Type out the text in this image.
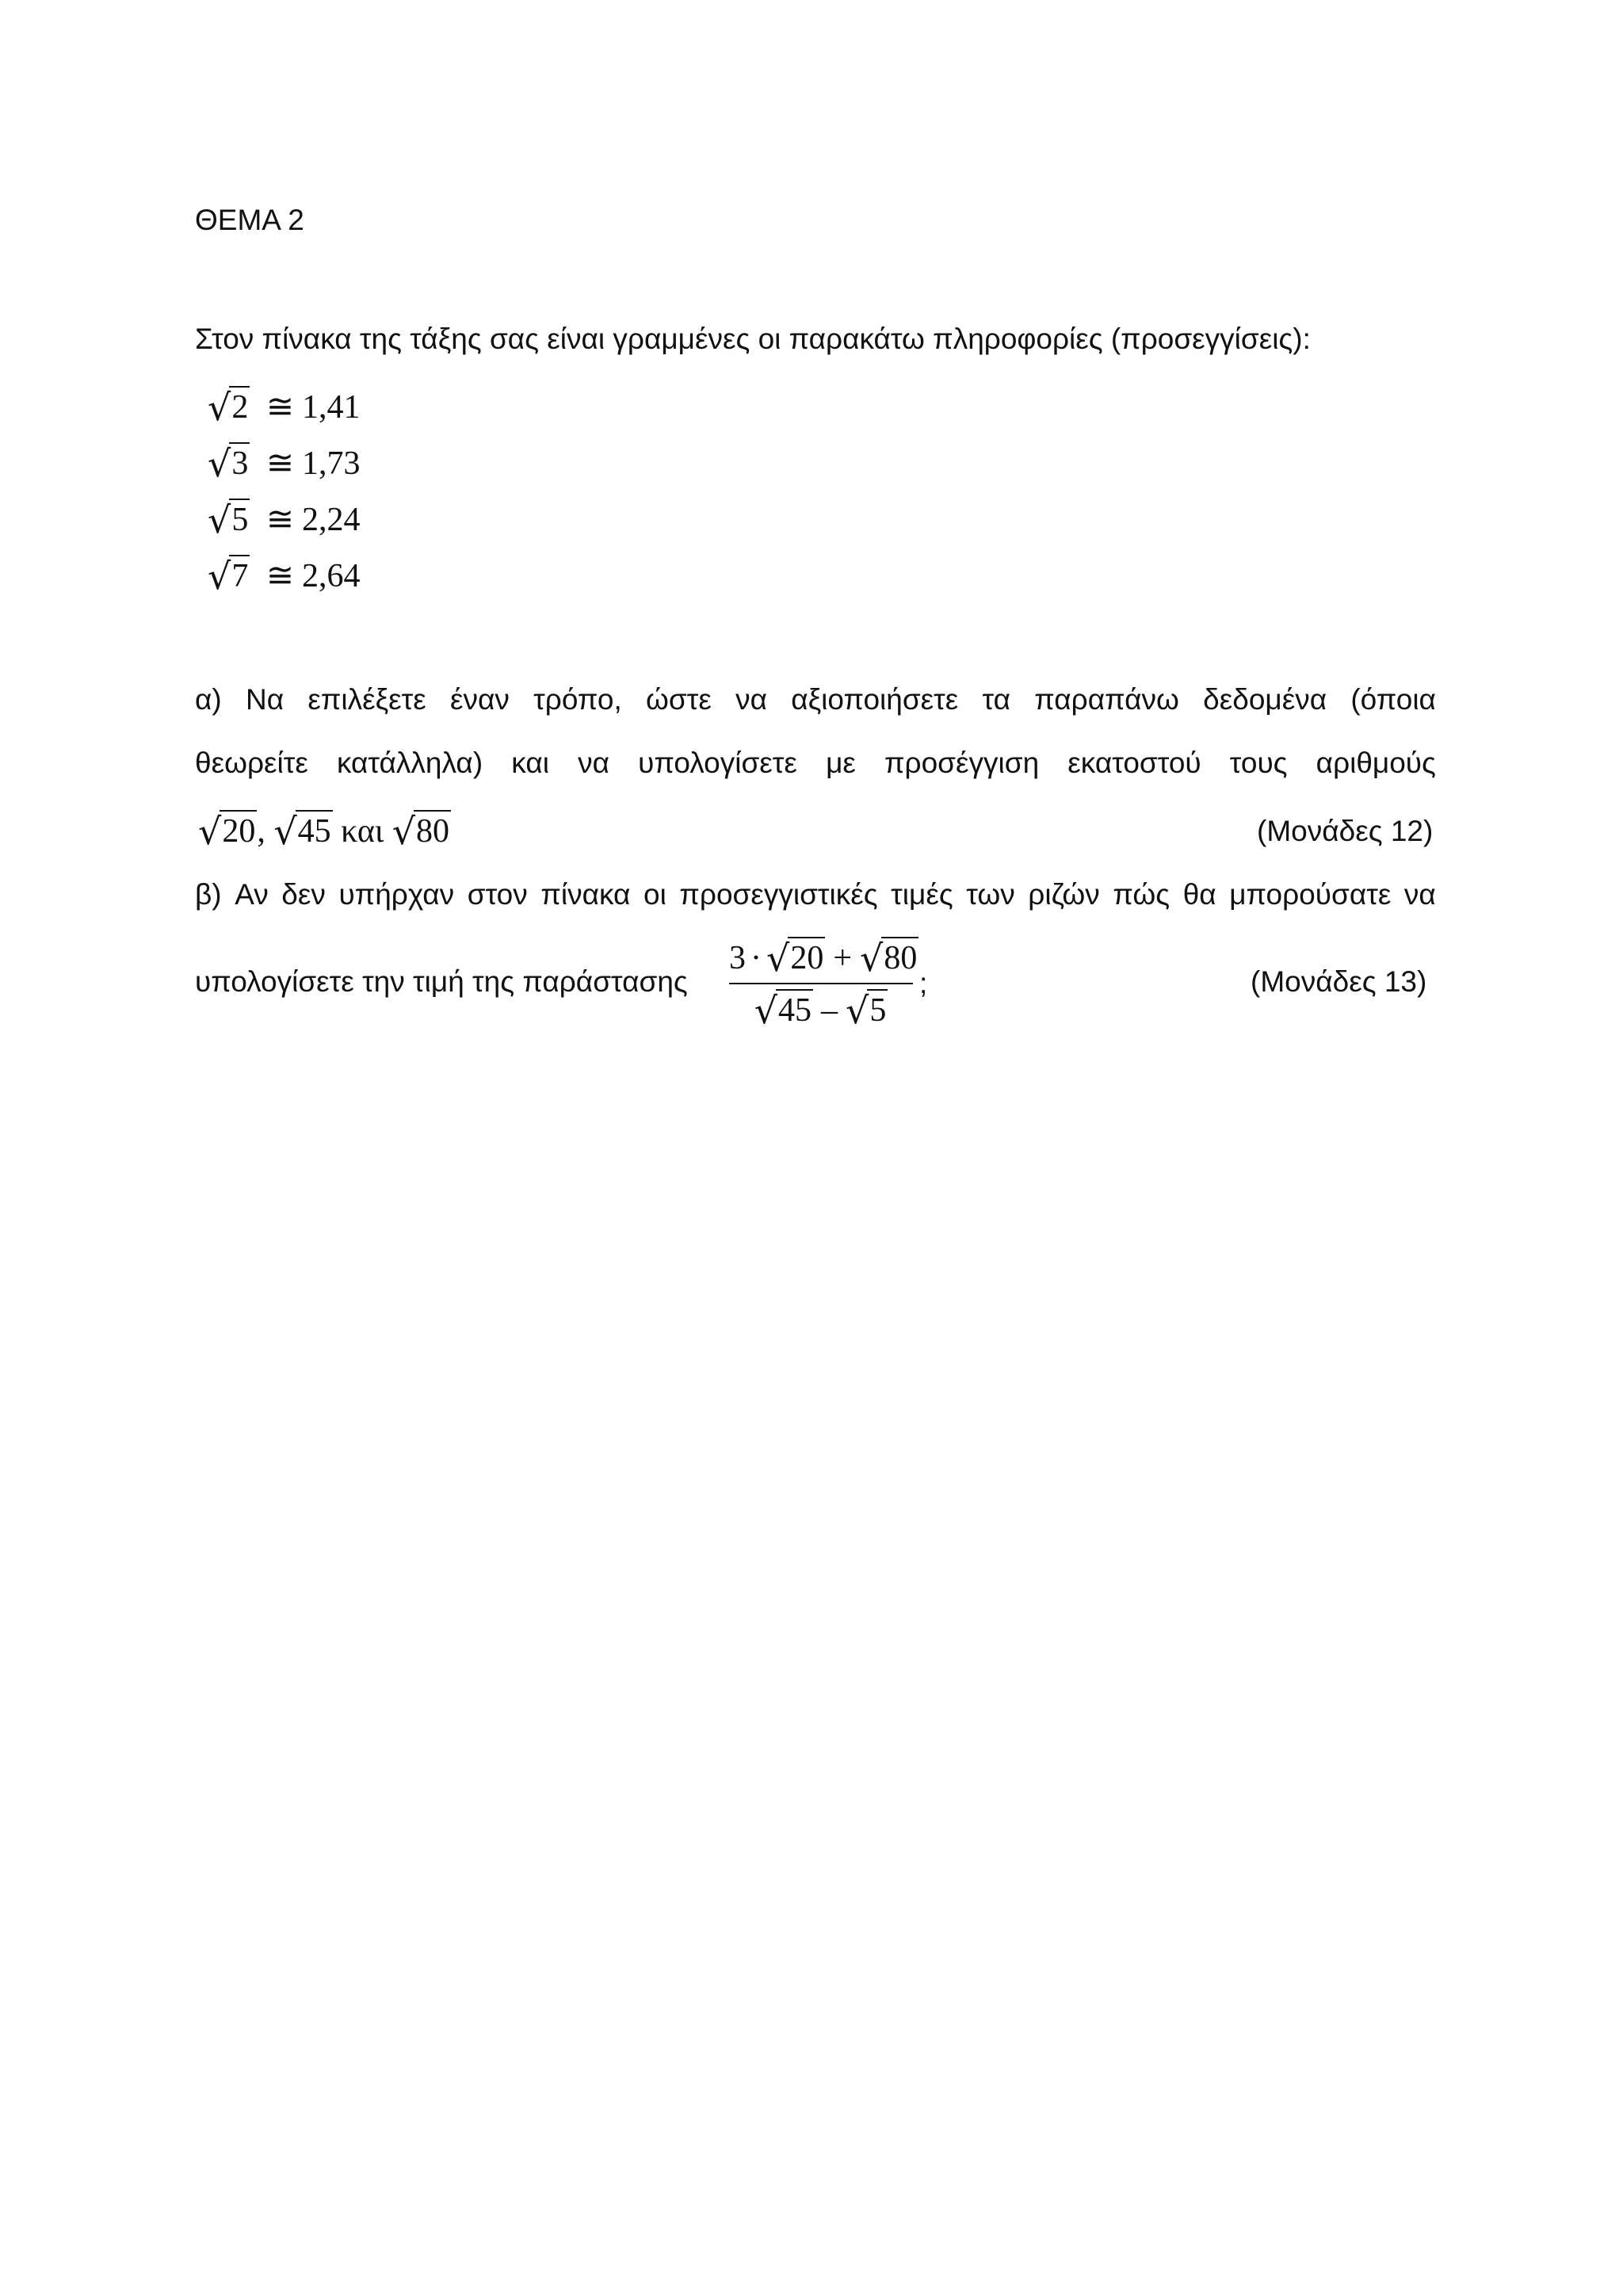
ΘΕΜΑ 2
Στον πίνακα της τάξης σας είναι γραμμένες οι παρακάτω πληροφορίες (προσεγγίσεις):
√2 ≅ 1,41
√3 ≅ 1,73
√5 ≅ 2,24
√7 ≅ 2,64
α) Να επιλέξετε έναν τρόπο, ώστε να αξιοποιήσετε τα παραπάνω δεδομένα (όποια
θεωρείτε κατάλληλα) και να υπολογίσετε με προσέγγιση εκατοστού τους αριθμούς
√20, √45 και √80	(Μονάδες 12)
β) Αν δεν υπήρχαν στον πίνακα οι προσεγγιστικές τιμές των ριζών πώς θα μπορούσατε να
υπολογίσετε την τιμή της παράστασης
3 · √20 + √80
√45 – √5
;	(Μονάδες 13)
